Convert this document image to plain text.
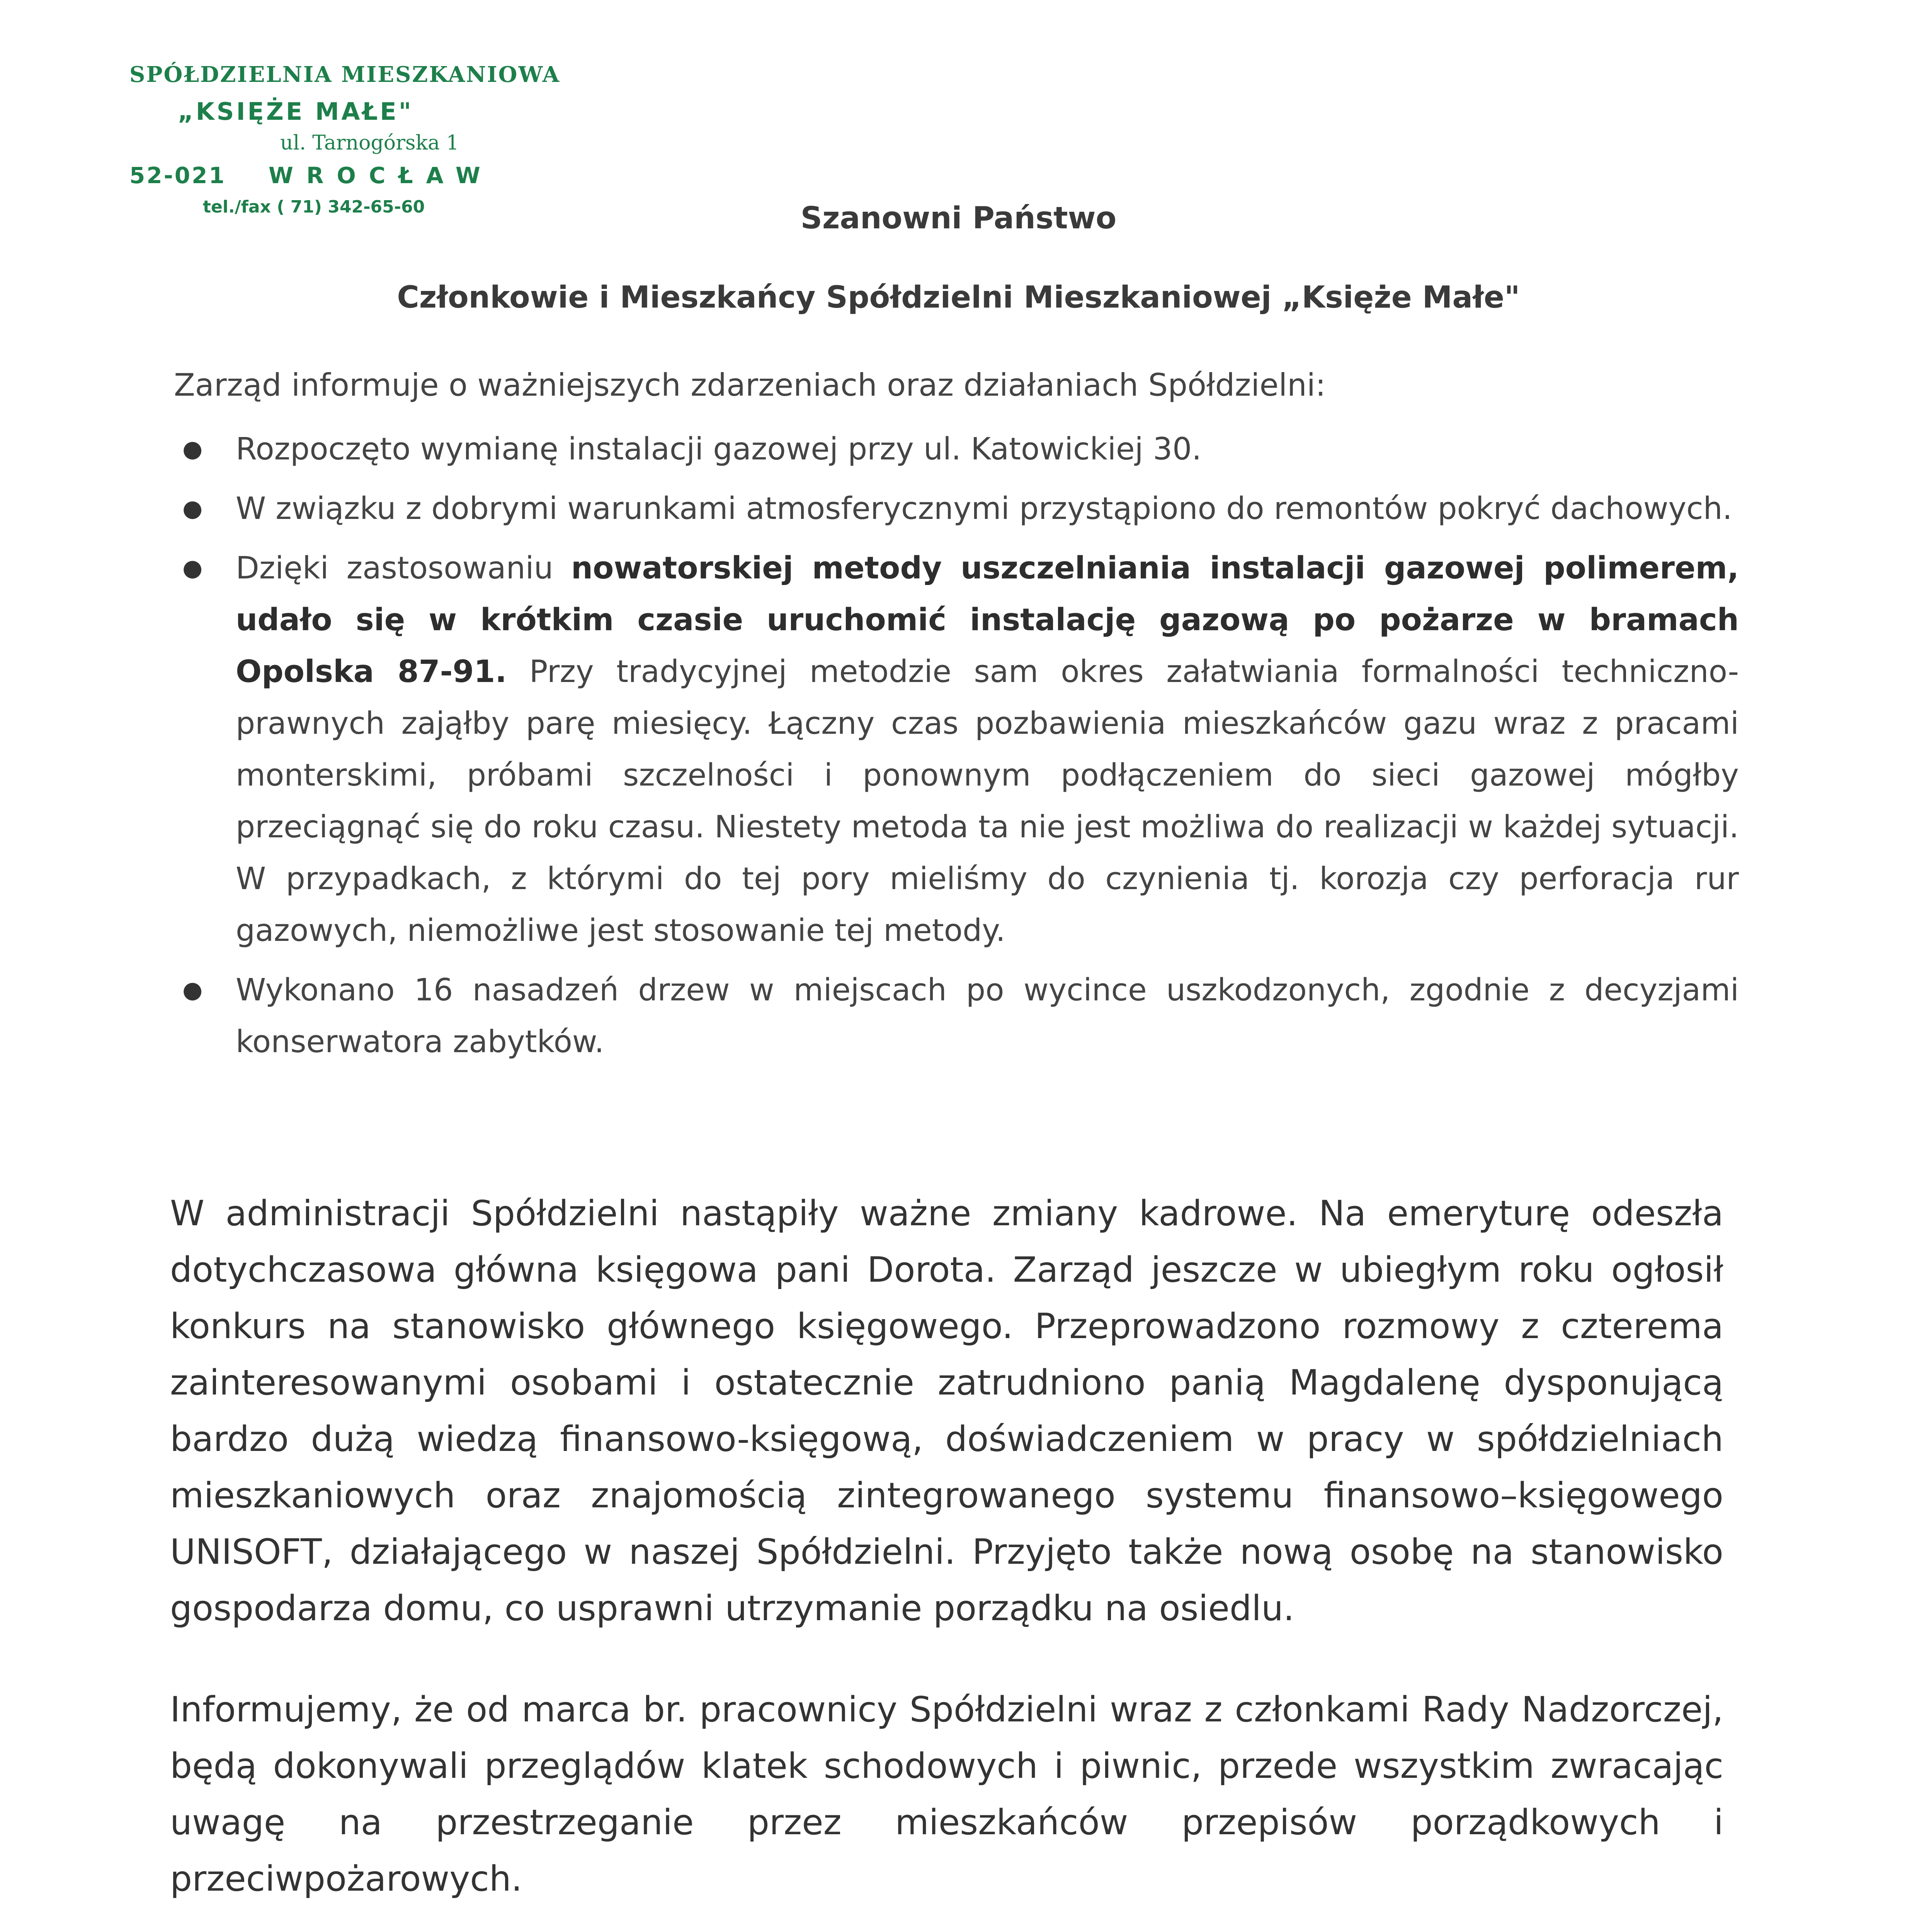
SPÓŁDZIELNIA MIESZKANIOWA
„KSIĘŻE MAŁE"
ul. Tarnogórska 1
52-021 WROCŁAW
tel./fax ( 71) 342-65-60	Szanowni Państwo
Członkowie i Mieszkańcy Spółdzielni Mieszkaniowej „Księże Małe"
Zarząd informuje o ważniejszych zdarzeniach oraz działaniach Spółdzielni:
● Rozpoczęto wymianę instalacji gazowej przy ul. Katowickiej 30.
● W związku z dobrymi warunkami atmosferycznymi przystąpiono do remontów pokryć dachowych.
● Dzięki zastosowaniu nowatorskiej metody uszczelniania instalacji gazowej polimerem, udało się w krótkim czasie uruchomić instalację gazową po pożarze w bramach Opolska 87-91. Przy tradycyjnej metodzie sam okres załatwiania formalności techniczno-prawnych zająłby parę miesięcy. Łączny czas pozbawienia mieszkańców gazu wraz z pracami monterskimi, próbami szczelności i ponownym podłączeniem do sieci gazowej mógłby przeciągnąć się do roku czasu. Niestety metoda ta nie jest możliwa do realizacji w każdej sytuacji. W przypadkach, z którymi do tej pory mieliśmy do czynienia tj. korozja czy perforacja rur gazowych, niemożliwe jest stosowanie tej metody.
● Wykonano 16 nasadzeń drzew w miejscach po wycince uszkodzonych, zgodnie z decyzjami konserwatora zabytków.

W administracji Spółdzielni nastąpiły ważne zmiany kadrowe. Na emeryturę odeszła dotychczasowa główna księgowa pani Dorota. Zarząd jeszcze w ubiegłym roku ogłosił konkurs na stanowisko głównego księgowego. Przeprowadzono rozmowy z czterema zainteresowanymi osobami i ostatecznie zatrudniono panią Magdalenę dysponującą bardzo dużą wiedzą finansowo-księgową, doświadczeniem w pracy w spółdzielniach mieszkaniowych oraz znajomością zintegrowanego systemu finansowo–księgowego UNISOFT, działającego w naszej Spółdzielni. Przyjęto także nową osobę na stanowisko gospodarza domu, co usprawni utrzymanie porządku na osiedlu.

Informujemy, że od marca br. pracownicy Spółdzielni wraz z członkami Rady Nadzorczej, będą dokonywali przeglądów klatek schodowych i piwnic, przede wszystkim zwracając uwagę na przestrzeganie przez mieszkańców przepisów porządkowych i przeciwpożarowych.
